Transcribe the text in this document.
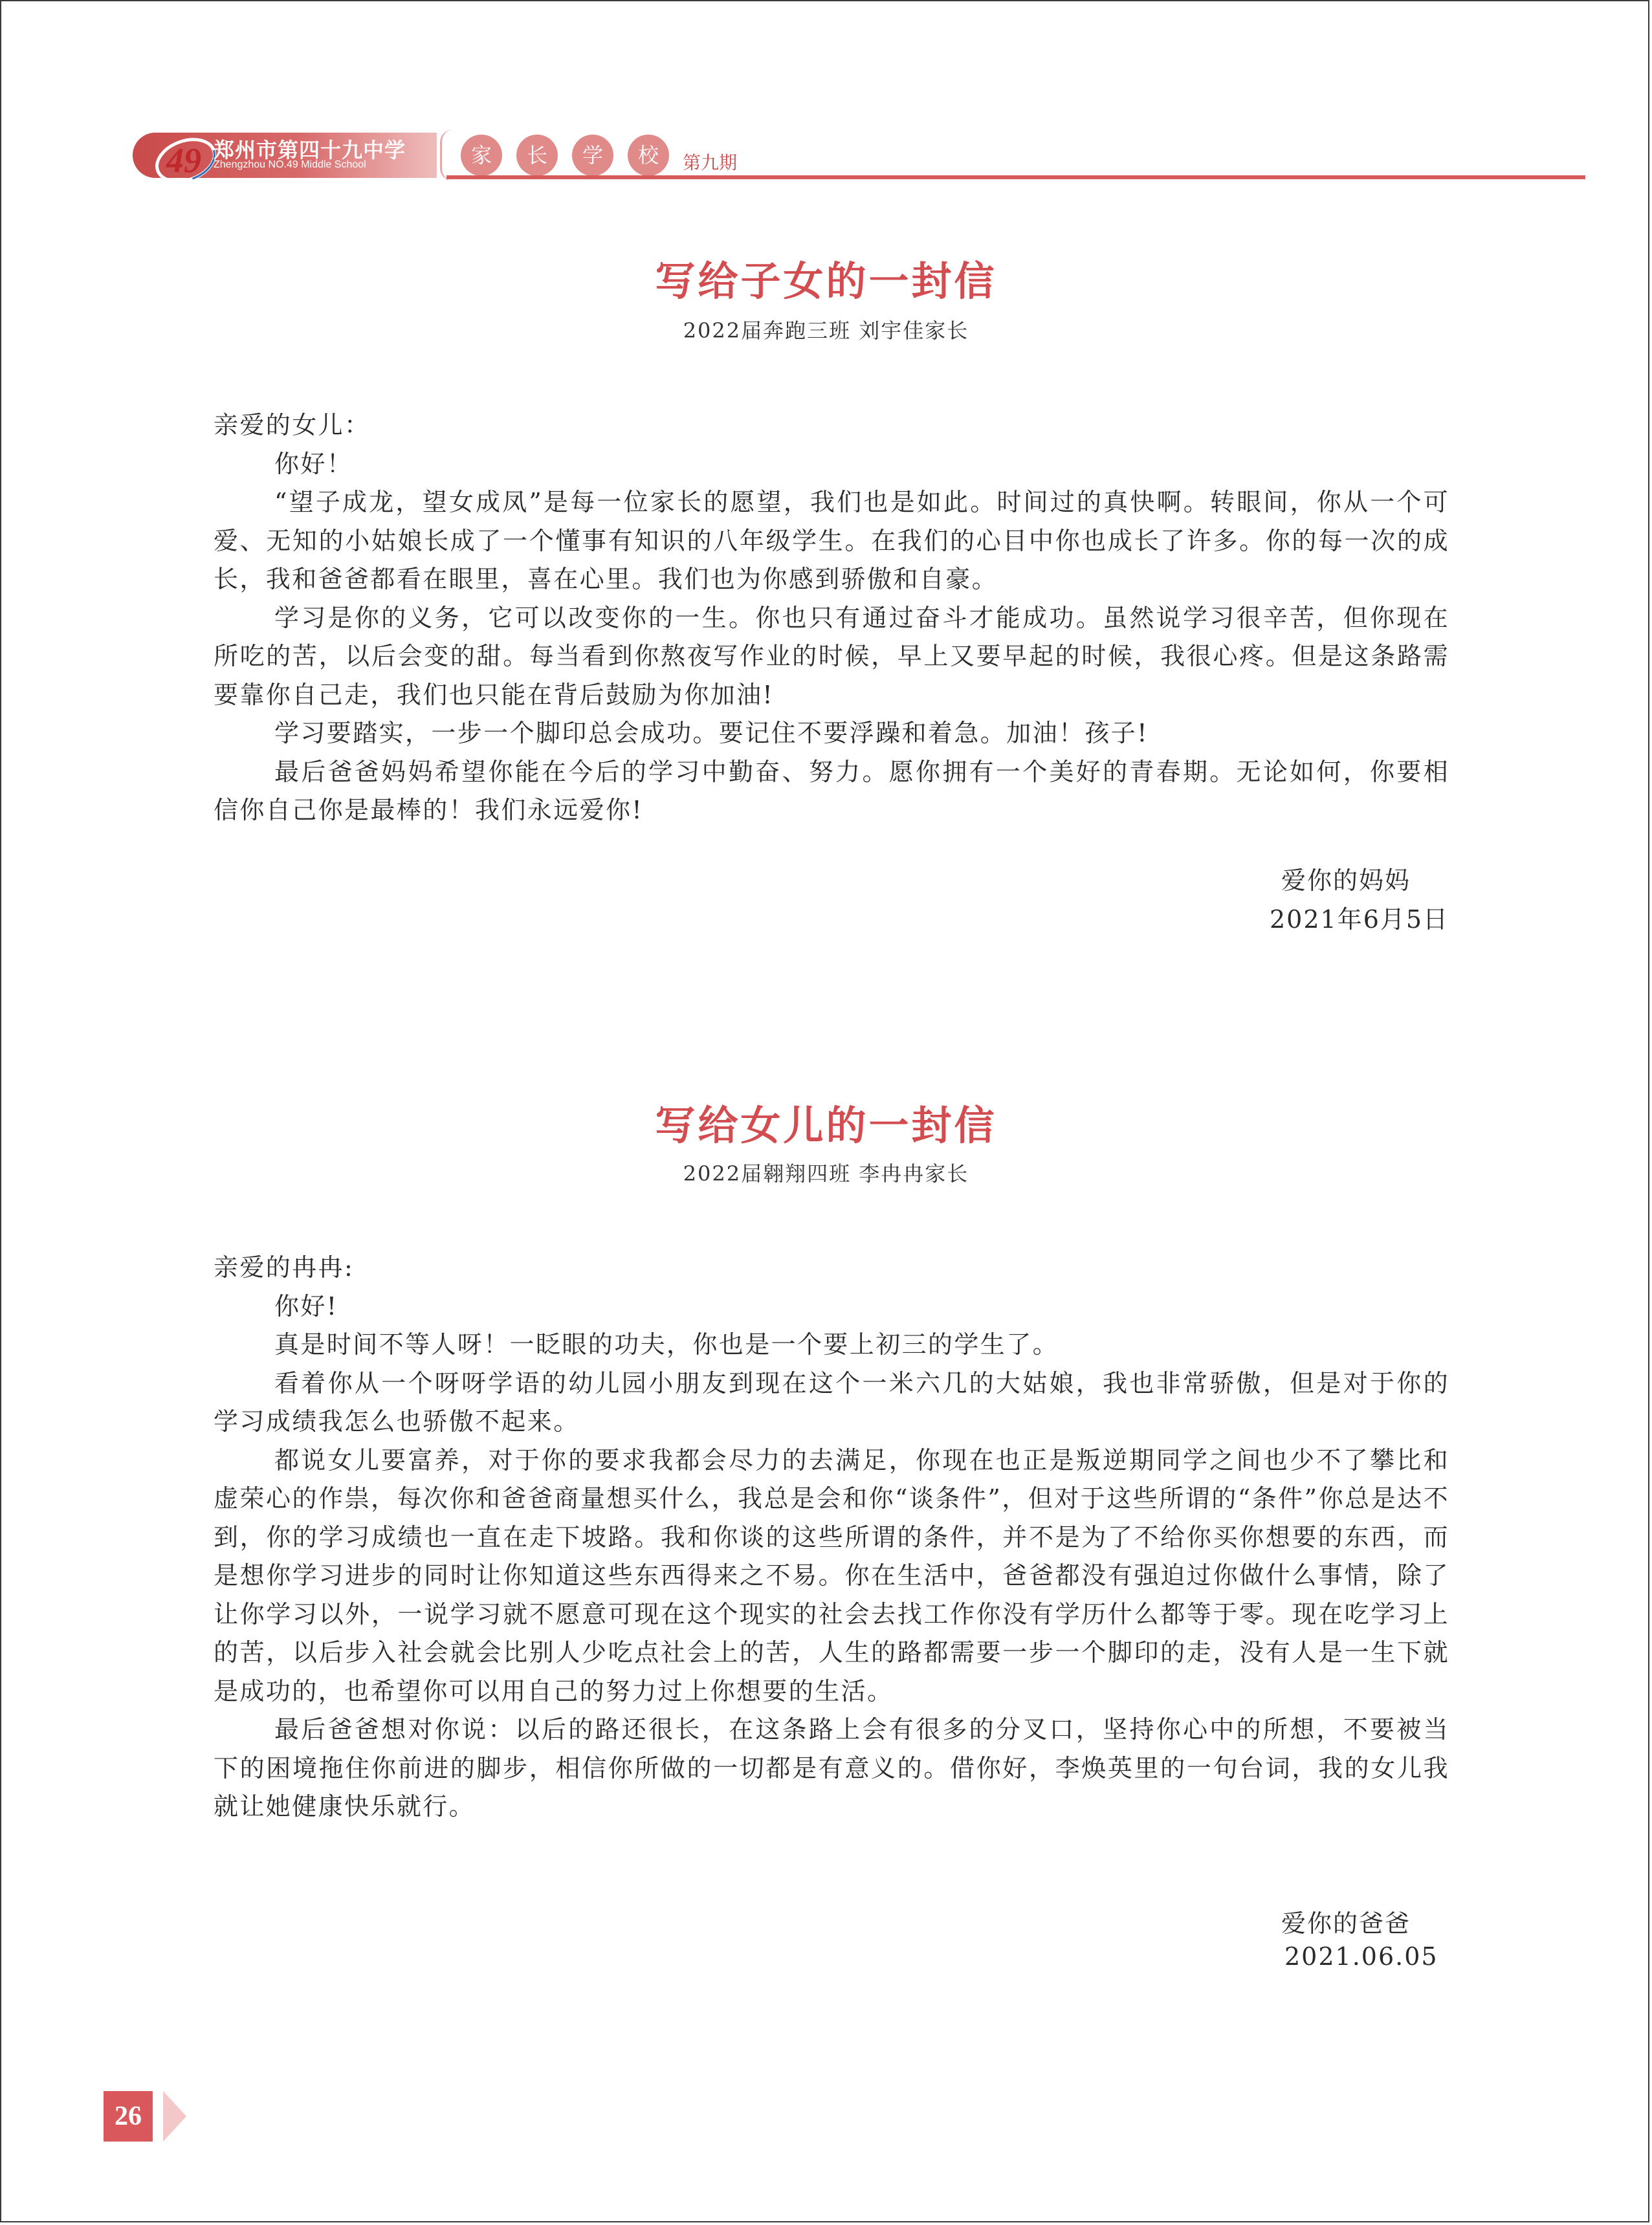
49 郑州市第四十九中学
Zhengzhou NO.49 Middle School	家	长	学	校	第九期
写给子女的一封信
2022届奔跑三班 刘宇佳家长

亲爱的女儿：

你好！

“望子成龙，望女成凤”是每一位家长的愿望，我们也是如此。时间过的真快啊。转眼间，你从一个可爱、无知的小姑娘长成了一个懂事有知识的八年级学生。在我们的心目中你也成长了许多。你的每一次的成长，我和爸爸都看在眼里，喜在心里。我们也为你感到骄傲和自豪。

学习是你的义务，它可以改变你的一生。你也只有通过奋斗才能成功。虽然说学习很辛苦，但你现在所吃的苦，以后会变的甜。每当看到你熬夜写作业的时候，早上又要早起的时候，我很心疼。但是这条路需要靠你自己走，我们也只能在背后鼓励为你加油!

学习要踏实，一步一个脚印总会成功。要记住不要浮躁和着急。加油！孩子!

最后爸爸妈妈希望你能在今后的学习中勤奋、努力。愿你拥有一个美好的青春期。无论如何，你要相信你自己你是最棒的！我们永远爱你!

爱你的妈妈
2021年6月5日
写给女儿的一封信
2022届翱翔四班 李冉冉家长

亲爱的冉冉:

你好!

真是时间不等人呀！一眨眼的功夫，你也是一个要上初三的学生了。

看着你从一个呀呀学语的幼儿园小朋友到现在这个一米六几的大姑娘，我也非常骄傲，但是对于你的学习成绩我怎么也骄傲不起来。

都说女儿要富养，对于你的要求我都会尽力的去满足，你现在也正是叛逆期同学之间也少不了攀比和虚荣心的作祟，每次你和爸爸商量想买什么，我总是会和你“谈条件”，但对于这些所谓的“条件”你总是达不到，你的学习成绩也一直在走下坡路。我和你谈的这些所谓的条件，并不是为了不给你买你想要的东西，而是想你学习进步的同时让你知道这些东西得来之不易。你在生活中，爸爸都没有强迫过你做什么事情，除了让你学习以外，一说学习就不愿意可现在这个现实的社会去找工作你没有学历什么都等于零。现在吃学习上的苦，以后步入社会就会比别人少吃点社会上的苦，人生的路都需要一步一个脚印的走，没有人是一生下就是成功的，也希望你可以用自己的努力过上你想要的生活。

最后爸爸想对你说：以后的路还很长，在这条路上会有很多的分叉口，坚持你心中的所想，不要被当下的困境拖住你前进的脚步，相信你所做的一切都是有意义的。借你好，李焕英里的一句台词，我的女儿我就让她健康快乐就行。

爱你的爸爸
2021.06.05
26
